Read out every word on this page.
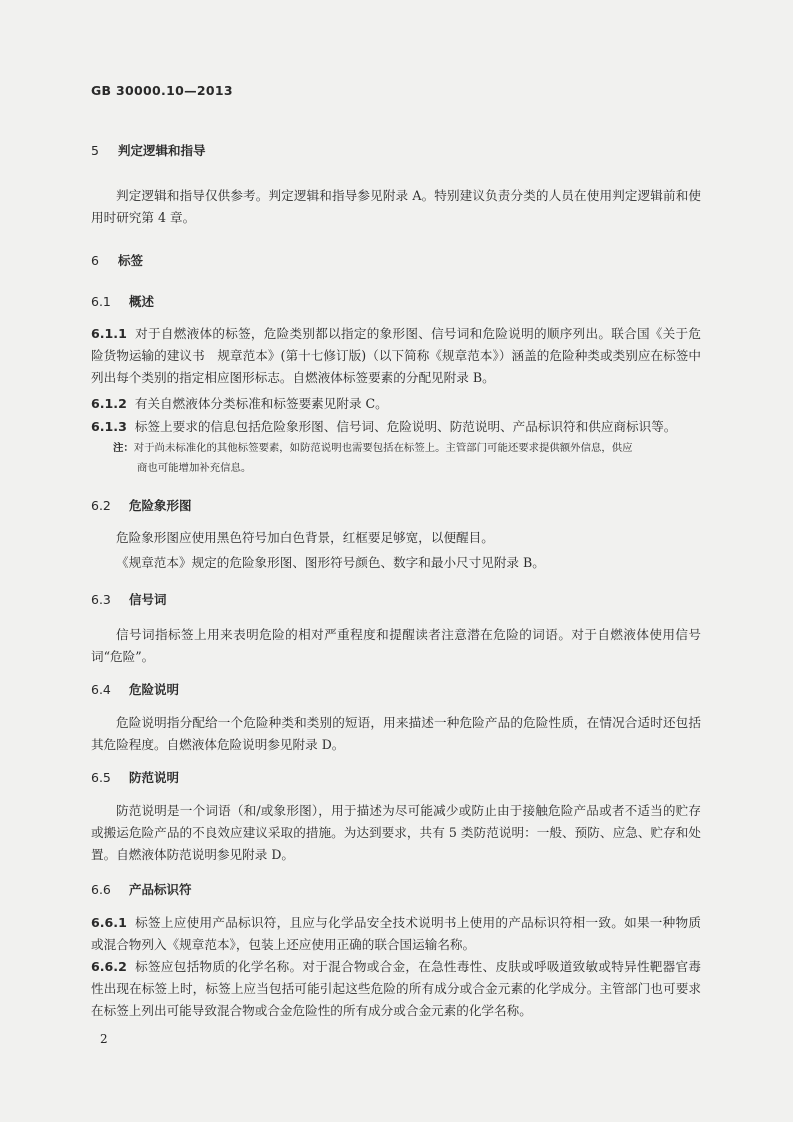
GB 30000.10—2013
5 判定逻辑和指导
判定逻辑和指导仅供参考。判定逻辑和指导参见附录 A。特别建议负责分类的人员在使用判定逻辑前和使用时研究第 4 章。
6 标签
6.1 概述
6.1.1 对于自燃液体的标签，危险类别都以指定的象形图、信号词和危险说明的顺序列出。联合国《关于危险货物运输的建议书　规章范本》(第十七修订版)（以下简称《规章范本》）涵盖的危险种类或类别应在标签中列出每个类别的指定相应图形标志。自燃液体标签要素的分配见附录 B。
6.1.2 有关自燃液体分类标准和标签要素见附录 C。
6.1.3 标签上要求的信息包括危险象形图、信号词、危险说明、防范说明、产品标识符和供应商标识等。
注：对于尚未标准化的其他标签要素，如防范说明也需要包括在标签上。主管部门可能还要求提供额外信息，供应
商也可能增加补充信息。
6.2 危险象形图
危险象形图应使用黑色符号加白色背景，红框要足够宽，以便醒目。
《规章范本》规定的危险象形图、图形符号颜色、数字和最小尺寸见附录 B。
6.3 信号词
信号词指标签上用来表明危险的相对严重程度和提醒读者注意潜在危险的词语。对于自燃液体使用信号词“危险”。
6.4 危险说明
危险说明指分配给一个危险种类和类别的短语，用来描述一种危险产品的危险性质，在情况合适时还包括其危险程度。自燃液体危险说明参见附录 D。
6.5 防范说明
防范说明是一个词语（和/或象形图），用于描述为尽可能减少或防止由于接触危险产品或者不适当的贮存或搬运危险产品的不良效应建议采取的措施。为达到要求，共有 5 类防范说明：一般、预防、应急、贮存和处置。自燃液体防范说明参见附录 D。
6.6 产品标识符
6.6.1 标签上应使用产品标识符，且应与化学品安全技术说明书上使用的产品标识符相一致。如果一种物质或混合物列入《规章范本》，包装上还应使用正确的联合国运输名称。
6.6.2 标签应包括物质的化学名称。对于混合物或合金，在急性毒性、皮肤或呼吸道致敏或特异性靶器官毒性出现在标签上时，标签上应当包括可能引起这些危险的所有成分或合金元素的化学成分。主管部门也可要求在标签上列出可能导致混合物或合金危险性的所有成分或合金元素的化学名称。
2
